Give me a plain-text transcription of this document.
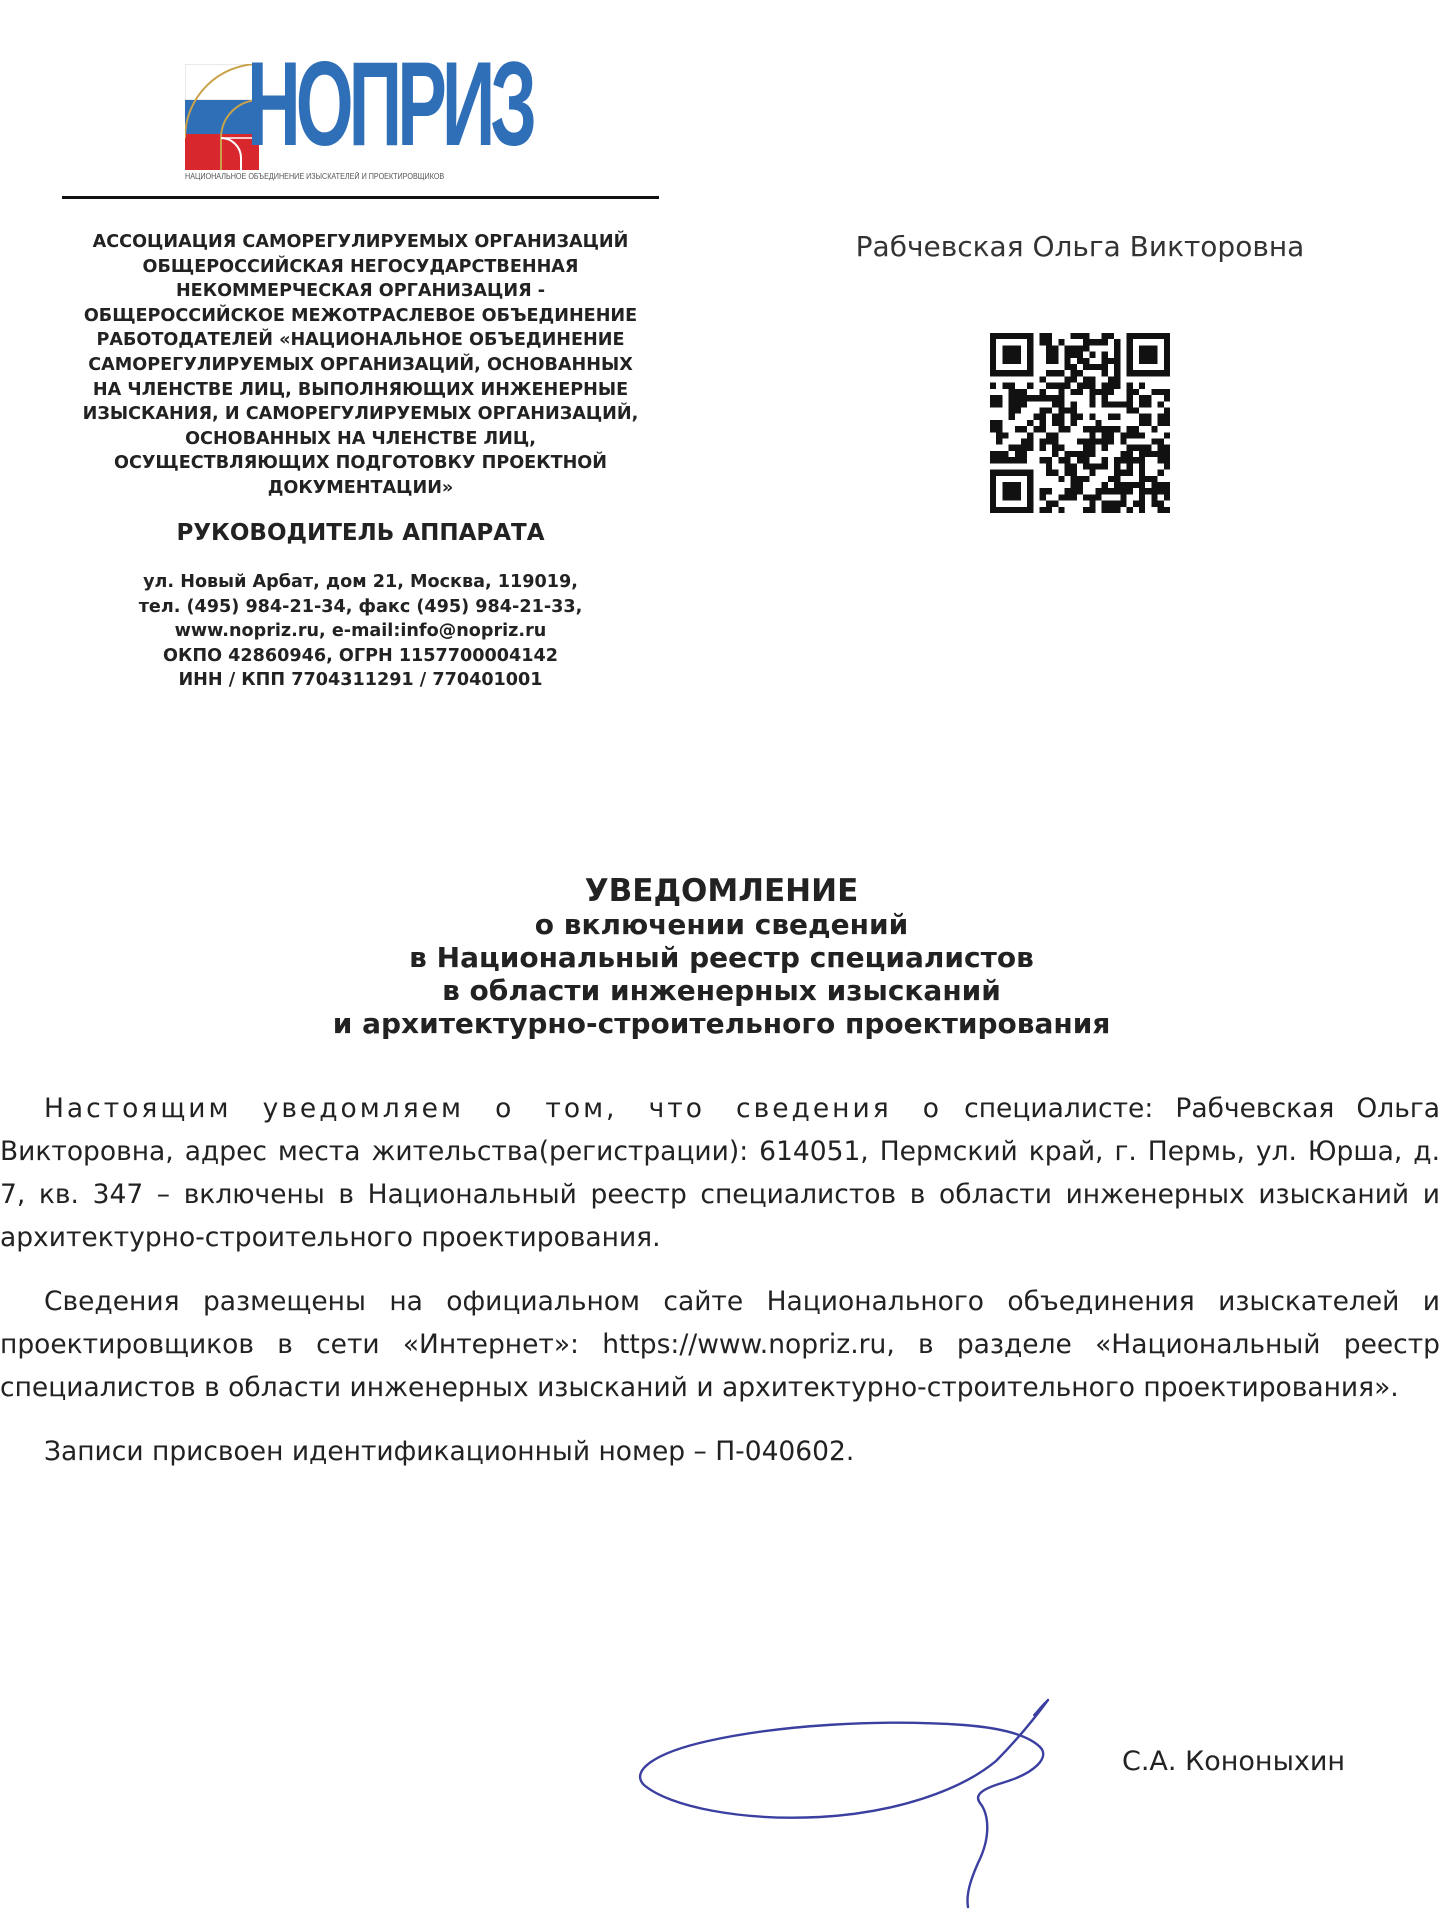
НОПРИЗ
НАЦИОНАЛЬНОЕ ОБЪЕДИНЕНИЕ ИЗЫСКАТЕЛЕЙ И ПРОЕКТИРОВЩИКОВ
АССОЦИАЦИЯ САМОРЕГУЛИРУЕМЫХ ОРГАНИЗАЦИЙ
ОБЩЕРОССИЙСКАЯ НЕГОСУДАРСТВЕННАЯ
НЕКОММЕРЧЕСКАЯ ОРГАНИЗАЦИЯ -
ОБЩЕРОССИЙСКОЕ МЕЖОТРАСЛЕВОЕ ОБЪЕДИНЕНИЕ
РАБОТОДАТЕЛЕЙ «НАЦИОНАЛЬНОЕ ОБЪЕДИНЕНИЕ
САМОРЕГУЛИРУЕМЫХ ОРГАНИЗАЦИЙ, ОСНОВАННЫХ
НА ЧЛЕНСТВЕ ЛИЦ, ВЫПОЛНЯЮЩИХ ИНЖЕНЕРНЫЕ
ИЗЫСКАНИЯ, И САМОРЕГУЛИРУЕМЫХ ОРГАНИЗАЦИЙ,
ОСНОВАННЫХ НА ЧЛЕНСТВЕ ЛИЦ,
ОСУЩЕСТВЛЯЮЩИХ ПОДГОТОВКУ ПРОЕКТНОЙ
ДОКУМЕНТАЦИИ»
РУКОВОДИТЕЛЬ АППАРАТА
ул. Новый Арбат, дом 21, Москва, 119019,
тел. (495) 984-21-34, факс (495) 984-21-33,
www.nopriz.ru, e-mail:info@nopriz.ru
ОКПО 42860946, ОГРН 1157700004142
ИНН / КПП 7704311291 / 770401001
Рабчевская Ольга Викторовна
УВЕДОМЛЕНИЕ
о включении сведений
в Национальный реестр специалистов
в области инженерных изысканий
и архитектурно-строительного проектирования

Настоящим уведомляем о том, что сведения о специалисте: Рабчевская Ольга Викторовна, адрес места жительства(регистрации): 614051, Пермский край, г. Пермь, ул. Юрша, д. 7, кв. 347 – включены в Национальный реестр специалистов в области инженерных изысканий и архитектурно-строительного проектирования.

Сведения размещены на официальном сайте Национального объединения изыскателей и проектировщиков в сети «Интернет»: https://www.nopriz.ru, в разделе «Национальный реестр специалистов в области инженерных изысканий и архитектурно-строительного проектирования».

Записи присвоен идентификационный номер – П-040602.

С.А. Кононыхин
